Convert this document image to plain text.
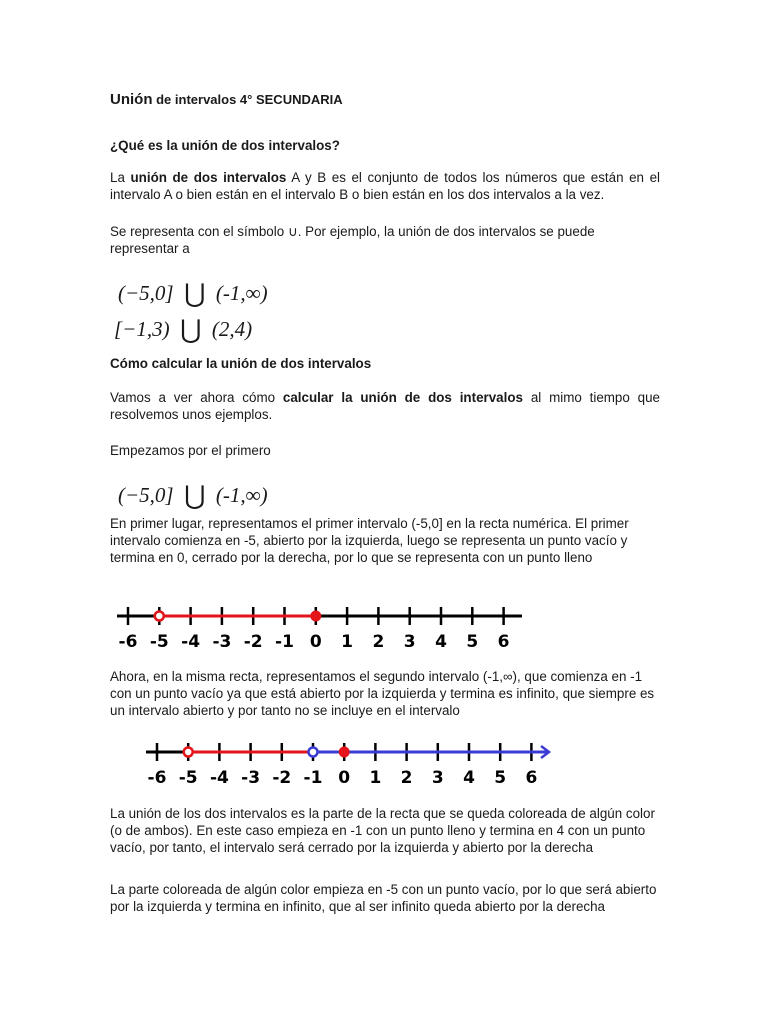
Unión de intervalos 4° SECUNDARIA
¿Qué es la unión de dos intervalos?
La unión de dos intervalos A y B es el conjunto de todos los números que están en el intervalo A o bien están en el intervalo B o bien están en los dos intervalos a la vez.
Se representa con el símbolo ∪. Por ejemplo, la unión de dos intervalos se puede representar a
(−5,0] ⋃ (-1,∞)
[−1,3) ⋃ (2,4)
Cómo calcular la unión de dos intervalos
Vamos a ver ahora cómo calcular la unión de dos intervalos al mimo tiempo que resolvemos unos ejemplos.
Empezamos por el primero
(−5,0] ⋃ (-1,∞)
En primer lugar, representamos el primer intervalo (-5,0] en la recta numérica. El primer intervalo comienza en -5, abierto por la izquierda, luego se representa un punto vacío y termina en 0, cerrado por la derecha, por lo que se representa con un punto lleno
Ahora, en la misma recta, representamos el segundo intervalo (-1,∞), que comienza en -1 con un punto vacío ya que está abierto por la izquierda y termina es infinito, que siempre es un intervalo abierto y por tanto no se incluye en el intervalo
La unión de los dos intervalos es la parte de la recta que se queda coloreada de algún color (o de ambos). En este caso empieza en -1 con un punto lleno y termina en 4 con un punto vacío, por tanto, el intervalo será cerrado por la izquierda y abierto por la derecha
La parte coloreada de algún color empieza en -5 con un punto vacío, por lo que será abierto por la izquierda y termina en infinito, que al ser infinito queda abierto por la derecha
-6 -5 -4 -3 -2 -1 0 1 2 3 4 5 6
-6 -5 -4 -3 -2 -1 0 1 2 3 4 5 6
